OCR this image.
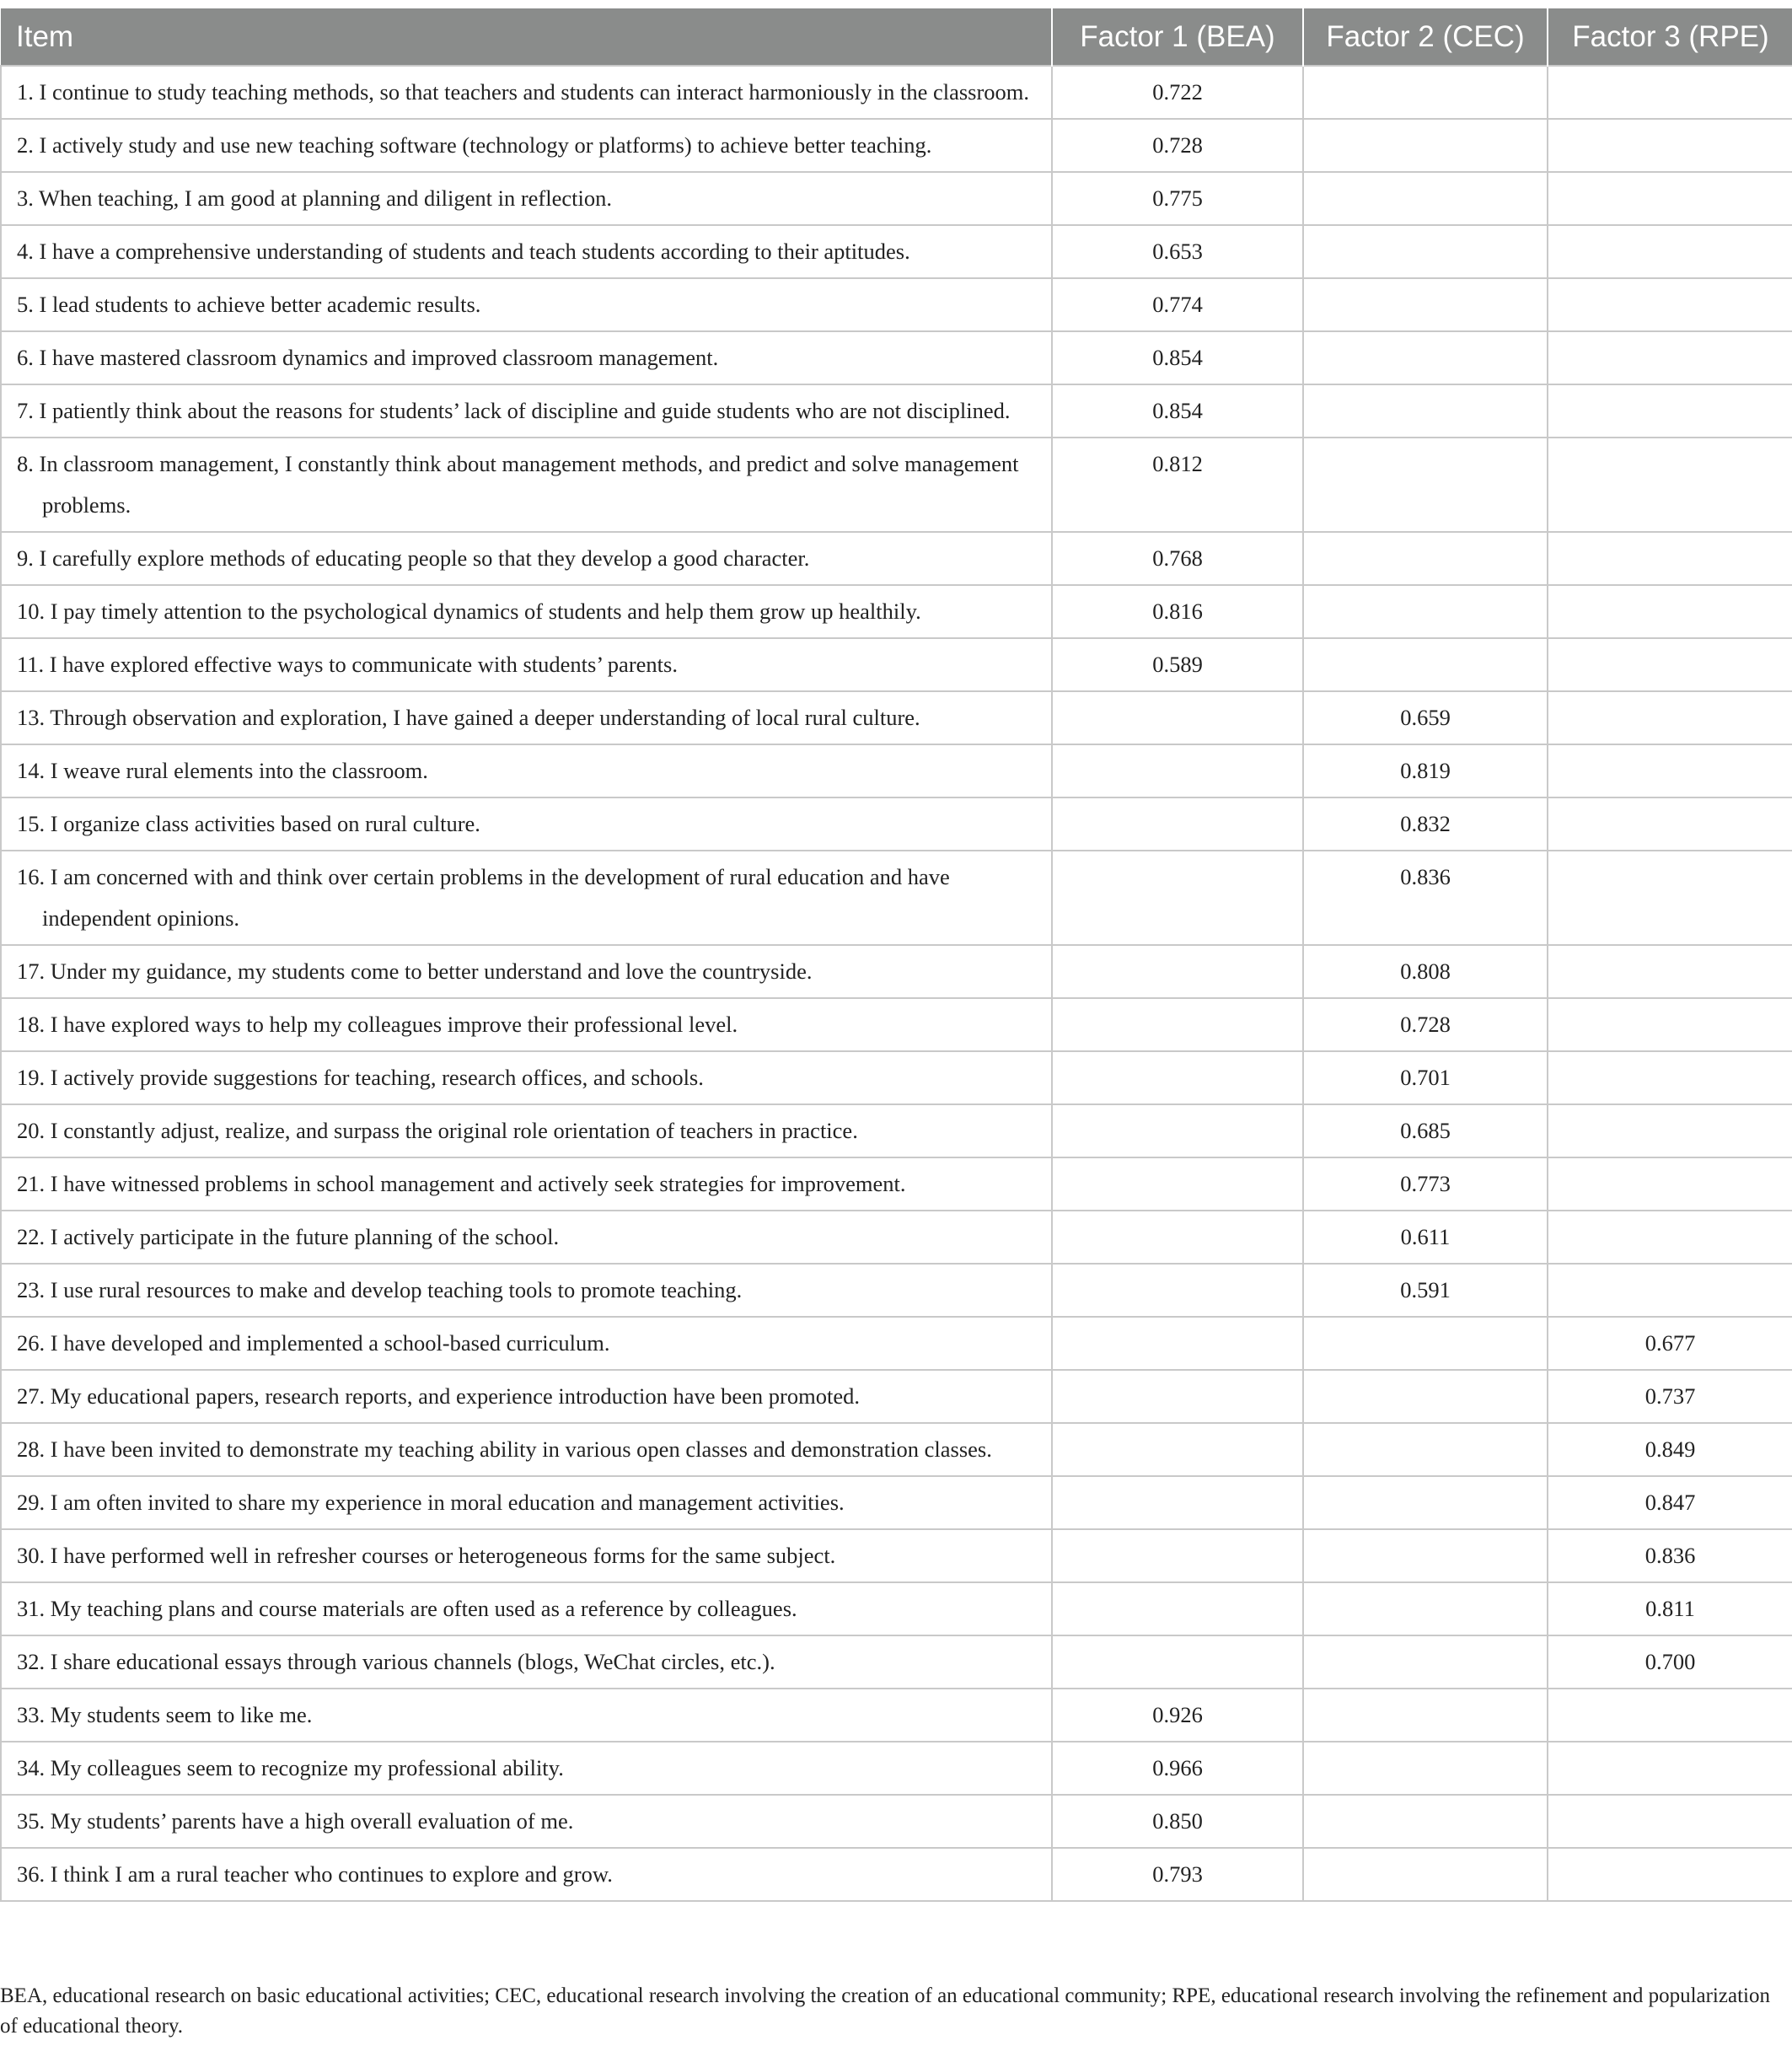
Item	Factor 1 (BEA)	Factor 2 (CEC)	Factor 3 (RPE)

1. I continue to study teaching methods, so that teachers and students can interact harmoniously in the classroom.	0.722		

2. I actively study and use new teaching software (technology or platforms) to achieve better teaching.	0.728		

3. When teaching, I am good at planning and diligent in reflection.	0.775		

4. I have a comprehensive understanding of students and teach students according to their aptitudes.	0.653		

5. I lead students to achieve better academic results.	0.774		

6. I have mastered classroom dynamics and improved classroom management.	0.854		

7. I patiently think about the reasons for students’ lack of discipline and guide students who are not disciplined.	0.854		

8. In classroom management, I constantly think about management methods, and predict and solve management problems.	0.812		

9. I carefully explore methods of educating people so that they develop a good character.	0.768		

10. I pay timely attention to the psychological dynamics of students and help them grow up healthily.	0.816		

11. I have explored effective ways to communicate with students’ parents.	0.589		

13. Through observation and exploration, I have gained a deeper understanding of local rural culture.		0.659	

14. I weave rural elements into the classroom.		0.819	

15. I organize class activities based on rural culture.		0.832	

16. I am concerned with and think over certain problems in the development of rural education and have independent opinions.		0.836	

17. Under my guidance, my students come to better understand and love the countryside.		0.808	

18. I have explored ways to help my colleagues improve their professional level.		0.728	

19. I actively provide suggestions for teaching, research offices, and schools.		0.701	

20. I constantly adjust, realize, and surpass the original role orientation of teachers in practice.		0.685	

21. I have witnessed problems in school management and actively seek strategies for improvement.		0.773	

22. I actively participate in the future planning of the school.		0.611	

23. I use rural resources to make and develop teaching tools to promote teaching.		0.591	

26. I have developed and implemented a school-based curriculum.			0.677

27. My educational papers, research reports, and experience introduction have been promoted.			0.737

28. I have been invited to demonstrate my teaching ability in various open classes and demonstration classes.			0.849

29. I am often invited to share my experience in moral education and management activities.			0.847

30. I have performed well in refresher courses or heterogeneous forms for the same subject.			0.836

31. My teaching plans and course materials are often used as a reference by colleagues.			0.811

32. I share educational essays through various channels (blogs, WeChat circles, etc.).			0.700

33. My students seem to like me.	0.926		

34. My colleagues seem to recognize my professional ability.	0.966		

35. My students’ parents have a high overall evaluation of me.	0.850		

36. I think I am a rural teacher who continues to explore and grow.	0.793		
BEA, educational research on basic educational activities; CEC, educational research involving the creation of an educational community; RPE, educational research involving the refinement and popularization of educational theory.
